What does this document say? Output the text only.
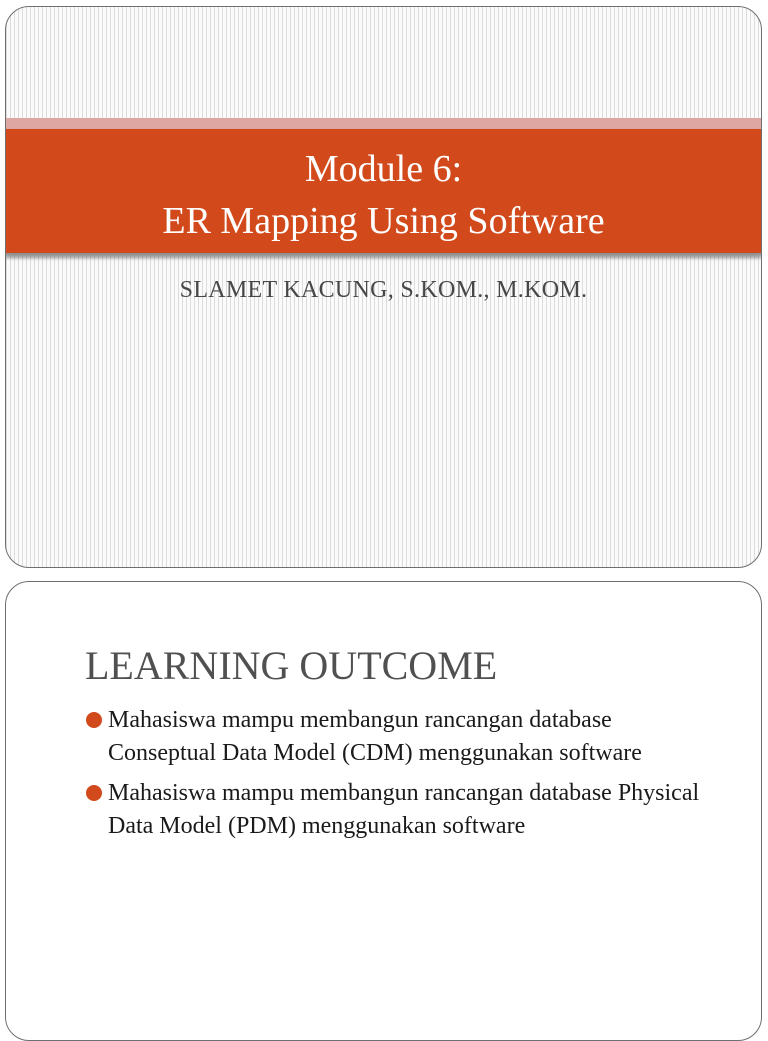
Module 6:
ER Mapping Using Software
SLAMET KACUNG, S.KOM., M.KOM.
LEARNING OUTCOME
Mahasiswa mampu membangun rancangan database Conseptual Data Model (CDM) menggunakan software
Mahasiswa mampu membangun rancangan database Physical Data Model (PDM) menggunakan software
